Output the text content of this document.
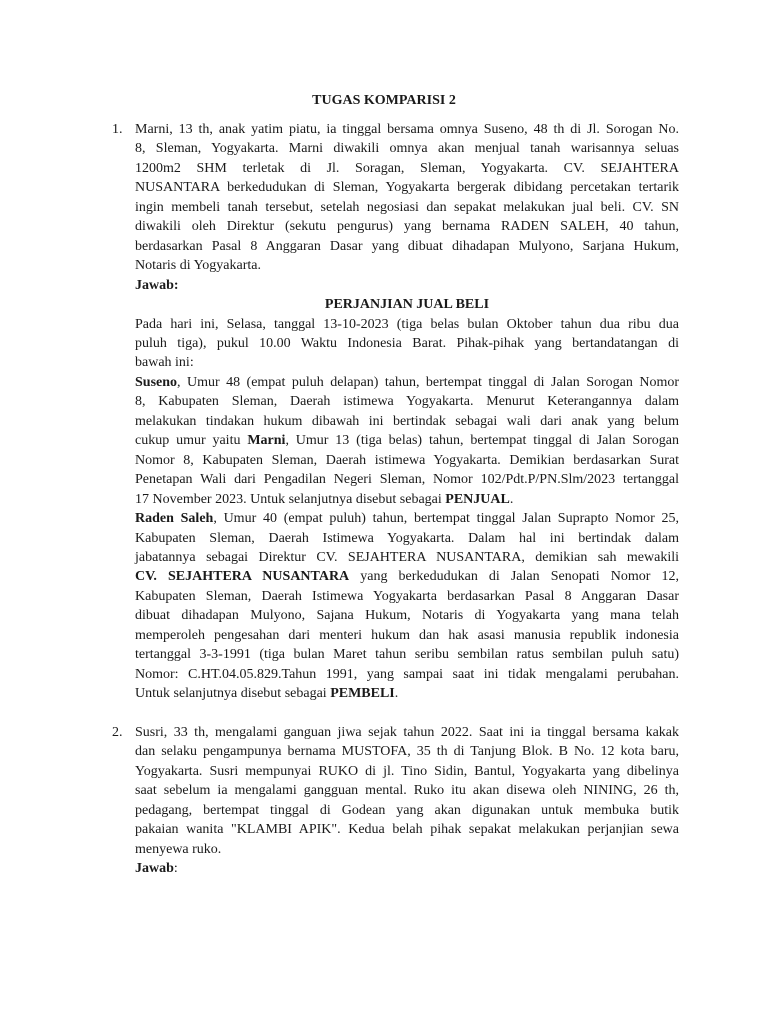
TUGAS KOMPARISI 2
1. Marni, 13 th, anak yatim piatu, ia tinggal bersama omnya Suseno, 48 th di Jl. Sorogan No.

8, Sleman, Yogyakarta. Marni diwakili omnya akan menjual tanah warisannya seluas

1200m2 SHM terletak di Jl. Soragan, Sleman, Yogyakarta. CV. SEJAHTERA

NUSANTARA berkedudukan di Sleman, Yogyakarta bergerak dibidang percetakan tertarik

ingin membeli tanah tersebut, setelah negosiasi dan sepakat melakukan jual beli. CV. SN

diwakili oleh Direktur (sekutu pengurus) yang bernama RADEN SALEH, 40 tahun,

berdasarkan Pasal 8 Anggaran Dasar yang dibuat dihadapan Mulyono, Sarjana Hukum,

Notaris di Yogyakarta.

Jawab:

PERJANJIAN JUAL BELI

Pada hari ini, Selasa, tanggal 13-10-2023 (tiga belas bulan Oktober tahun dua ribu dua

puluh tiga), pukul 10.00 Waktu Indonesia Barat. Pihak-pihak yang bertandatangan di

bawah ini:

Suseno, Umur 48 (empat puluh delapan) tahun, bertempat tinggal di Jalan Sorogan Nomor

8, Kabupaten Sleman, Daerah istimewa Yogyakarta. Menurut Keterangannya dalam

melakukan tindakan hukum dibawah ini bertindak sebagai wali dari anak yang belum

cukup umur yaitu Marni, Umur 13 (tiga belas) tahun, bertempat tinggal di Jalan Sorogan

Nomor 8, Kabupaten Sleman, Daerah istimewa Yogyakarta. Demikian berdasarkan Surat

Penetapan Wali dari Pengadilan Negeri Sleman, Nomor 102/Pdt.P/PN.Slm/2023 tertanggal

17 November 2023. Untuk selanjutnya disebut sebagai PENJUAL.

Raden Saleh, Umur 40 (empat puluh) tahun, bertempat tinggal Jalan Suprapto Nomor 25,

Kabupaten Sleman, Daerah Istimewa Yogyakarta. Dalam hal ini bertindak dalam

jabatannya sebagai Direktur CV. SEJAHTERA NUSANTARA, demikian sah mewakili

CV. SEJAHTERA NUSANTARA yang berkedudukan di Jalan Senopati Nomor 12,

Kabupaten Sleman, Daerah Istimewa Yogyakarta berdasarkan Pasal 8 Anggaran Dasar

dibuat dihadapan Mulyono, Sajana Hukum, Notaris di Yogyakarta yang mana telah

memperoleh pengesahan dari menteri hukum dan hak asasi manusia republik indonesia

tertanggal 3-3-1991 (tiga bulan Maret tahun seribu sembilan ratus sembilan puluh satu)

Nomor: C.HT.04.05.829.Tahun 1991, yang sampai saat ini tidak mengalami perubahan.

Untuk selanjutnya disebut sebagai PEMBELI.

2. Susri, 33 th, mengalami ganguan jiwa sejak tahun 2022. Saat ini ia tinggal bersama kakak

dan selaku pengampunya bernama MUSTOFA, 35 th di Tanjung Blok. B No. 12 kota baru,

Yogyakarta. Susri mempunyai RUKO di jl. Tino Sidin, Bantul, Yogyakarta yang dibelinya

saat sebelum ia mengalami gangguan mental. Ruko itu akan disewa oleh NINING, 26 th,

pedagang, bertempat tinggal di Godean yang akan digunakan untuk membuka butik

pakaian wanita "KLAMBI APIK". Kedua belah pihak sepakat melakukan perjanjian sewa

menyewa ruko.

Jawab:
